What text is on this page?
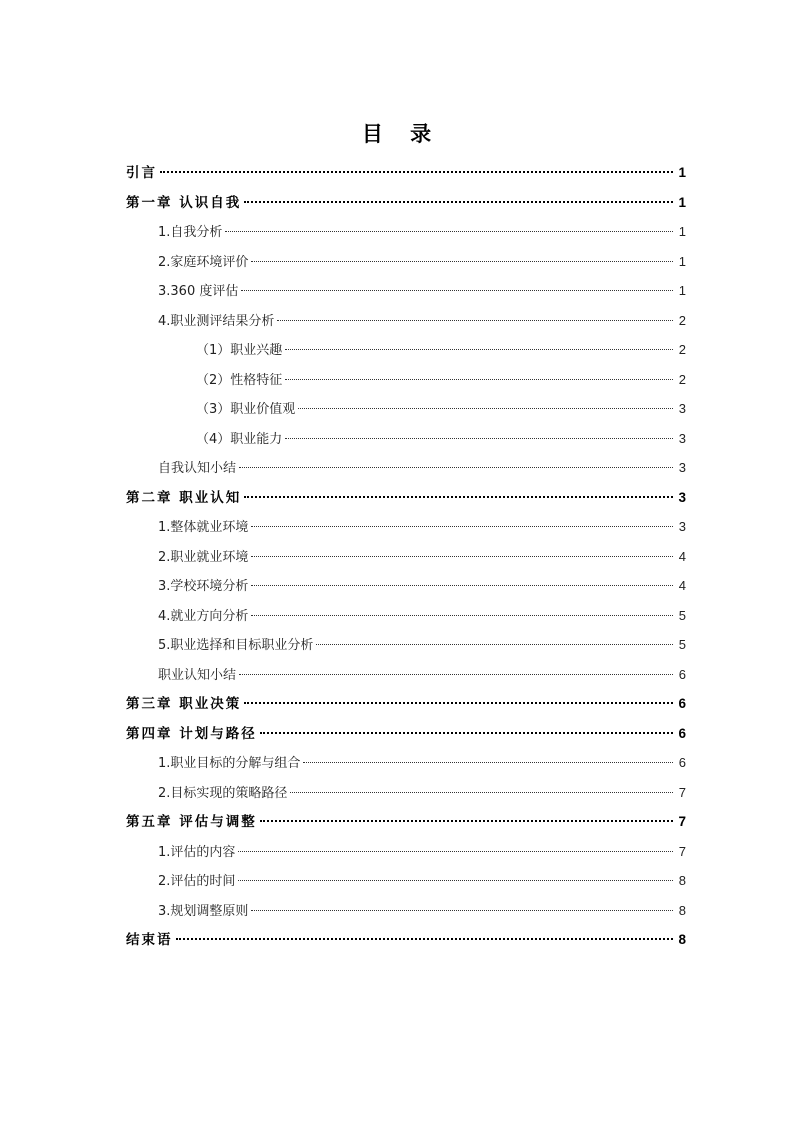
目 录
引言	1
第一章 认识自我	1
1.自我分析	1
2.家庭环境评价	1
3.360 度评估	1
4.职业测评结果分析	2
（1）职业兴趣	2
（2）性格特征	2
（3）职业价值观	3
（4）职业能力	3
自我认知小结	3
第二章 职业认知	3
1.整体就业环境	3
2.职业就业环境	4
3.学校环境分析	4
4.就业方向分析	5
5.职业选择和目标职业分析	5
职业认知小结	6
第三章 职业决策	6
第四章 计划与路径	6
1.职业目标的分解与组合	6
2.目标实现的策略路径	7
第五章 评估与调整	7
1.评估的内容	7
2.评估的时间	8
3.规划调整原则	8
结束语	8
